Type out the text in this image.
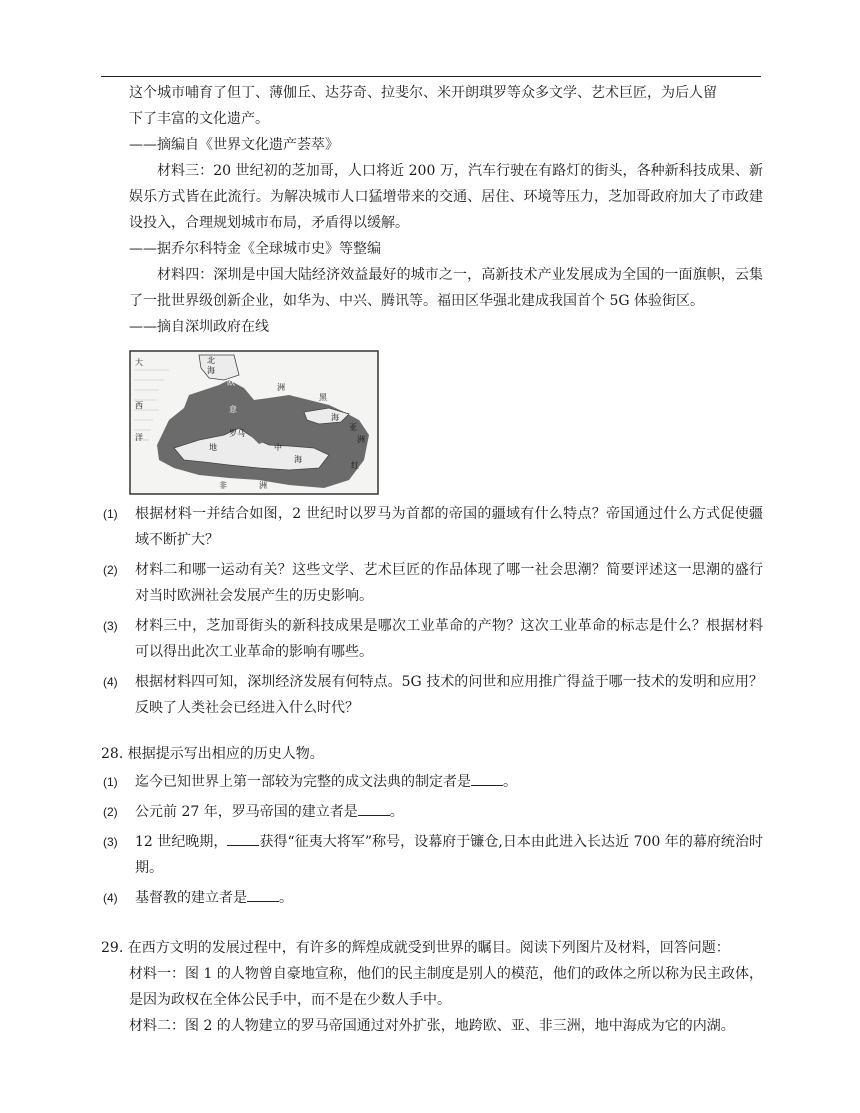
这个城市哺育了但丁、薄伽丘、达芬奇、拉斐尔、米开朗琪罗等众多文学、艺术巨匠，为后人留
下了丰富的文化遗产。
——摘编自《世界文化遗产荟萃》
材料三：20 世纪初的芝加哥，人口将近 200 万，汽车行驶在有路灯的街头，各种新科技成果、新娱乐方式皆在此流行。为解决城市人口猛增带来的交通、居住、环境等压力，芝加哥政府加大了市政建设投入，合理规划城市布局，矛盾得以缓解。
——据乔尔科特金《全球城市史》等整编
材料四：深圳是中国大陆经济效益最好的城市之一，高新技术产业发展成为全国的一面旗帜，云集了一批世界级创新企业，如华为、中兴、腾讯等。福田区华强北建成我国首个 5G 体验街区。
——摘自深圳政府在线
大	北
海
欧
洲
西
洋
黑
海
意
罗马
地	中
海
亚
洲
非	洲
红
(1)	根据材料一并结合如图，2 世纪时以罗马为首都的帝国的疆域有什么特点？帝国通过什么方式促使疆域不断扩大？
(2)	材料二和哪一运动有关？这些文学、艺术巨匠的作品体现了哪一社会思潮？简要评述这一思潮的盛行对当时欧洲社会发展产生的历史影响。
(3)	材料三中，芝加哥街头的新科技成果是哪次工业革命的产物？这次工业革命的标志是什么？根据材料可以得出此次工业革命的影响有哪些。
(4)	根据材料四可知，深圳经济发展有何特点。5G 技术的问世和应用推广得益于哪一技术的发明和应用？反映了人类社会已经进入什么时代？
28. 根据提示写出相应的历史人物。
(1)	迄今已知世界上第一部较为完整的成文法典的制定者是 。
(2)	公元前 27 年，罗马帝国的建立者是 。
(3)	12 世纪晚期， 获得“征夷大将军”称号，设幕府于镰仓,日本由此进入长达近 700 年的幕府统治时期。
(4)	基督教的建立者是 。
29. 在西方文明的发展过程中，有许多的辉煌成就受到世界的瞩目。阅读下列图片及材料，回答问题：
材料一：图 1 的人物曾自豪地宣称，他们的民主制度是别人的模范，他们的政体之所以称为民主政体，是因为政权在全体公民手中，而不是在少数人手中。
材料二：图 2 的人物建立的罗马帝国通过对外扩张，地跨欧、亚、非三洲，地中海成为它的内湖。
